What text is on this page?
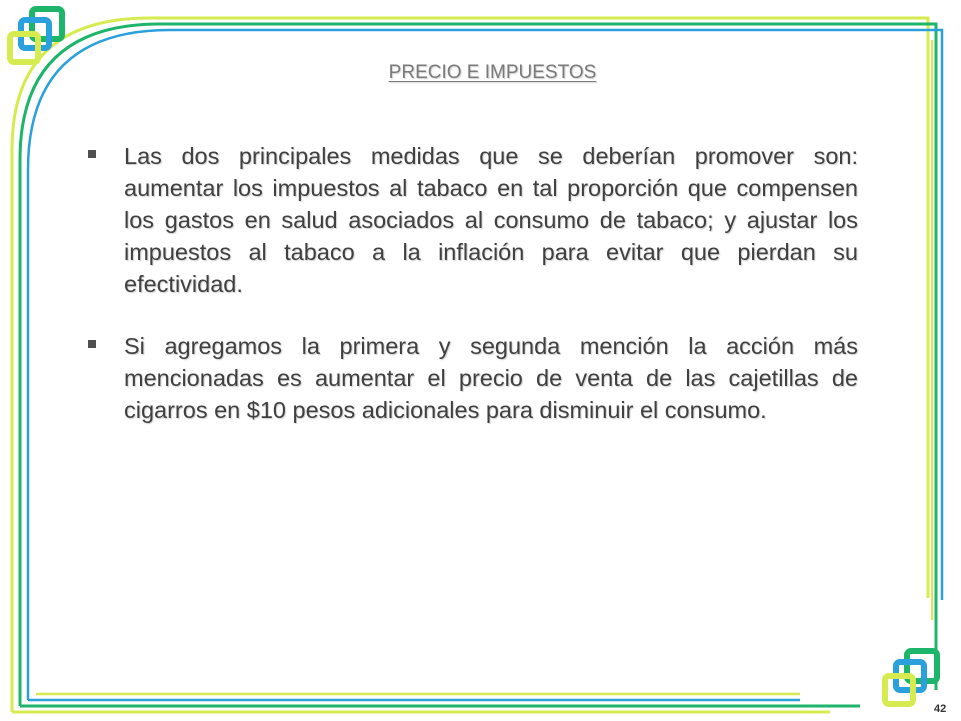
PRECIO E IMPUESTOS
Las dos principales medidas que se deberían promover son: aumentar los impuestos al tabaco en tal proporción que compensen los gastos en salud asociados al consumo de tabaco; y ajustar los impuestos al tabaco a la inflación para evitar que pierdan su efectividad.
Si agregamos la primera y segunda mención la acción más mencionadas es aumentar el precio de venta de las cajetillas de cigarros en $10 pesos adicionales para disminuir el consumo.
42
